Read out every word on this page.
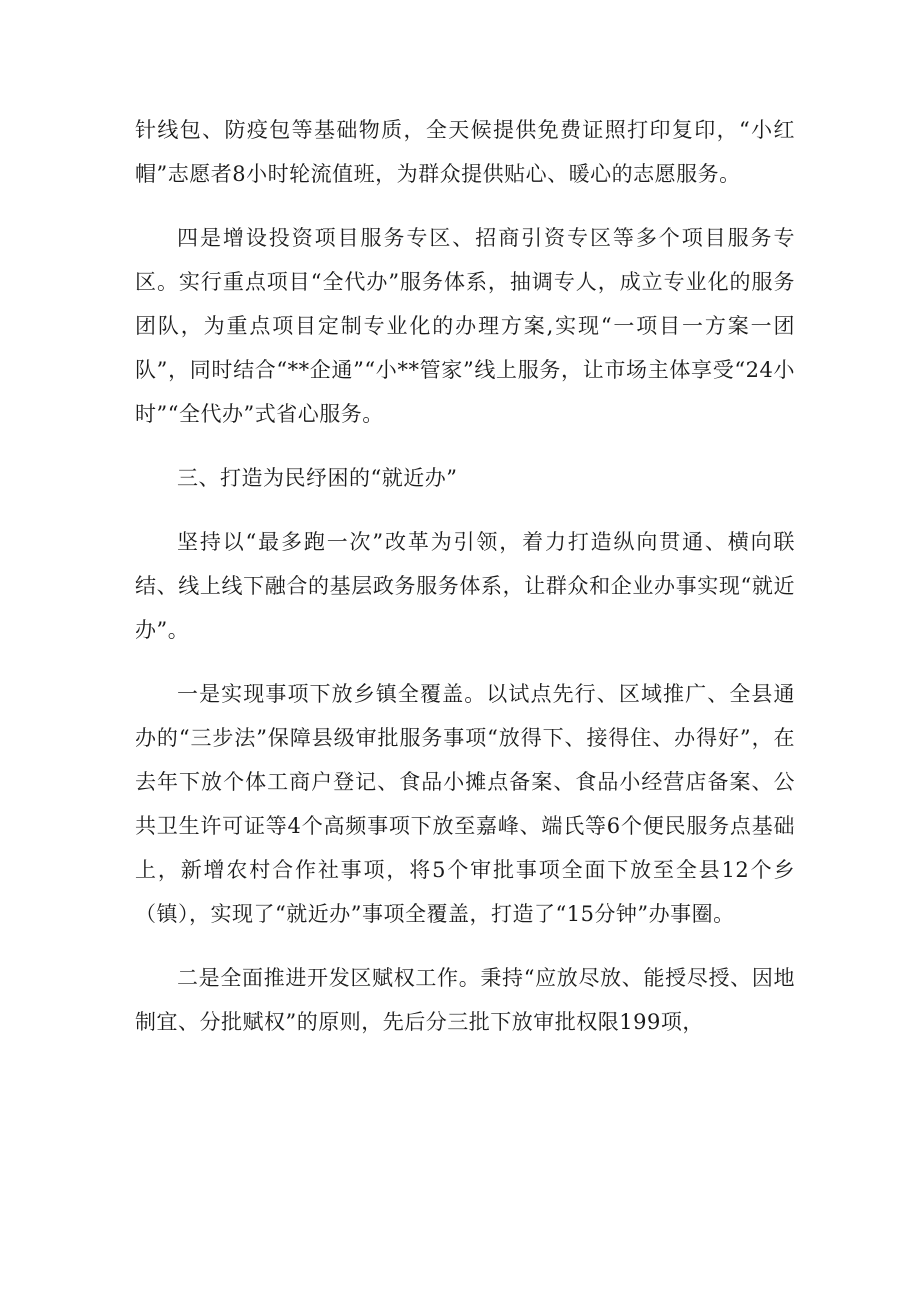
针线包、防疫包等基础物质，全天候提供免费证照打印复印，“小红帽”志愿者8小时轮流值班，为群众提供贴心、暖心的志愿服务。

四是增设投资项目服务专区、招商引资专区等多个项目服务专区。实行重点项目“全代办”服务体系，抽调专人，成立专业化的服务团队，为重点项目定制专业化的办理方案,实现“一项目一方案一团队”，同时结合“**企通”“小**管家”线上服务，让市场主体享受“24小时”“全代办”式省心服务。

三、打造为民纾困的“就近办”

坚持以“最多跑一次”改革为引领，着力打造纵向贯通、横向联结、线上线下融合的基层政务服务体系，让群众和企业办事实现“就近办”。

一是实现事项下放乡镇全覆盖。以试点先行、区域推广、全县通办的“三步法”保障县级审批服务事项“放得下、接得住、办得好”，在去年下放个体工商户登记、食品小摊点备案、食品小经营店备案、公共卫生许可证等4个高频事项下放至嘉峰、端氏等6个便民服务点基础上，新增农村合作社事项，将5个审批事项全面下放至全县12个乡（镇），实现了“就近办”事项全覆盖，打造了“15分钟”办事圈。

二是全面推进开发区赋权工作。秉持“应放尽放、能授尽授、因地制宜、分批赋权”的原则，先后分三批下放审批权限199项，
